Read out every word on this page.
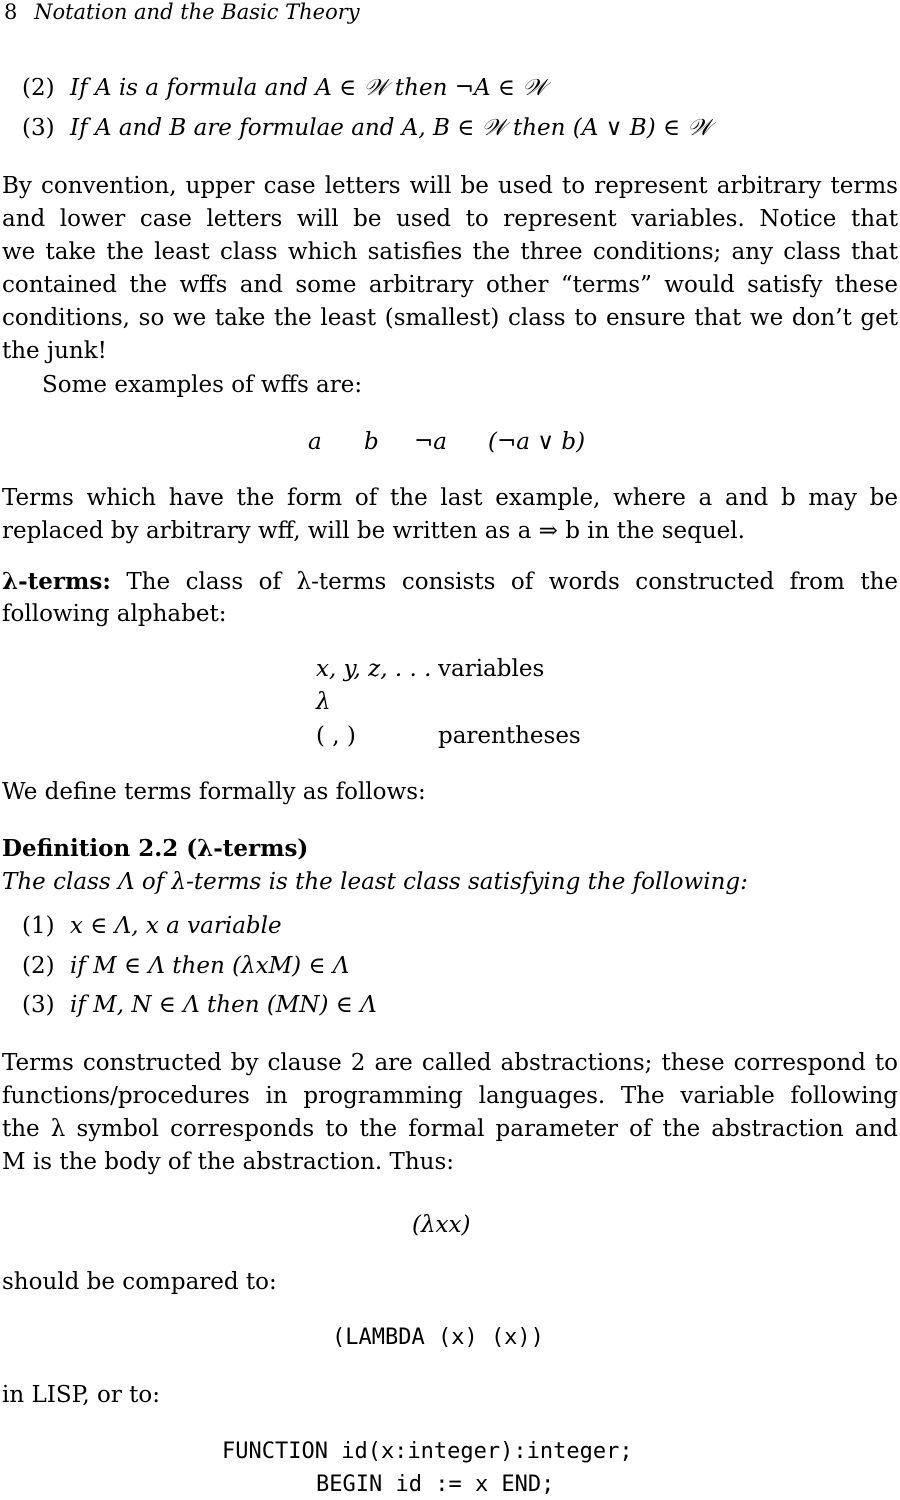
8 Notation and the Basic Theory
(2) If A is a formula and A ∈ 𝒲 then ¬A ∈ 𝒲
(3) If A and B are formulae and A, B ∈ 𝒲 then (A ∨ B) ∈ 𝒲
By convention, upper case letters will be used to represent arbitrary terms
and lower case letters will be used to represent variables. Notice that
we take the least class which satisfies the three conditions; any class that
contained the wffs and some arbitrary other “terms” would satisfy these
conditions, so we take the least (smallest) class to ensure that we don’t get
the junk!
Some examples of wffs are:
a b ¬a (¬a ∨ b)
Terms which have the form of the last example, where a and b may be
replaced by arbitrary wff, will be written as a ⇒ b in the sequel.
λ-terms: The class of λ-terms consists of words constructed from the
following alphabet:
x, y, z, . . . variables
λ
( , )	parentheses
We define terms formally as follows:
Definition 2.2 (λ-terms)
The class Λ of λ-terms is the least class satisfying the following:
(1) x ∈ Λ, x a variable
(2) if M ∈ Λ then (λxM) ∈ Λ
(3) if M, N ∈ Λ then (MN) ∈ Λ
Terms constructed by clause 2 are called abstractions; these correspond to
functions/procedures in programming languages. The variable following
the λ symbol corresponds to the formal parameter of the abstraction and
M is the body of the abstraction. Thus:
(λxx)
should be compared to:
(LAMBDA (x) (x))
in LISP, or to:
FUNCTION id(x:integer):integer;
BEGIN id := x END;
